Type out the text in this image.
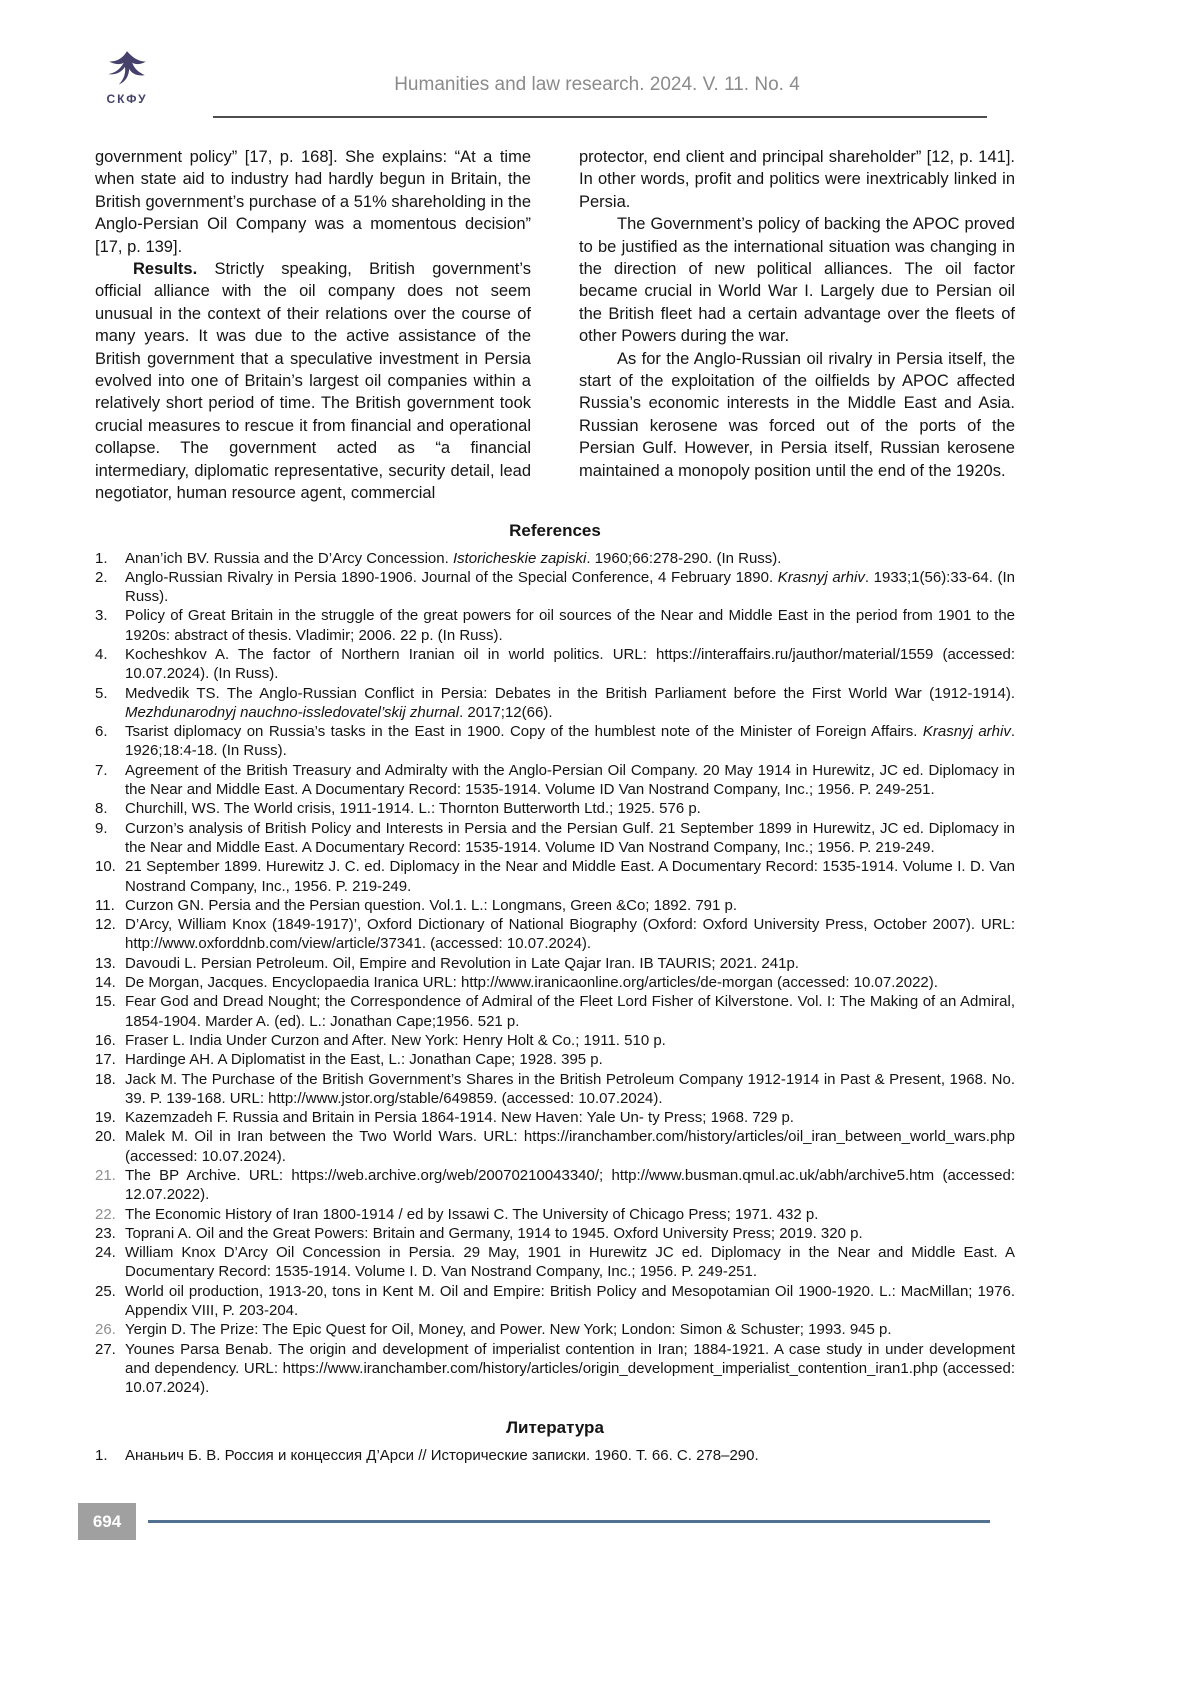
СКФУ
Humanities and law research. 2024. V. 11. No. 4

government policy” [17, p. 168]. She explains: “At a time when state aid to industry had hardly begun in Britain, the British government’s purchase of a 51% shareholding in the Anglo-Persian Oil Company was a momentous decision” [17, p. 139].

Results. Strictly speaking, British government’s official alliance with the oil company does not seem unusual in the context of their relations over the course of many years. It was due to the active assistance of the British government that a speculative investment in Persia evolved into one of Britain’s largest oil companies within a relatively short period of time. The British government took crucial measures to rescue it from financial and operational collapse. The government acted as “a financial intermediary, diplomatic representative, security detail, lead negotiator, human resource agent, commercial

protector, end client and principal shareholder” [12, p. 141]. In other words, profit and politics were inextricably linked in Persia.

The Government’s policy of backing the APOC proved to be justified as the international situation was changing in the direction of new political alliances. The oil factor became crucial in World War I. Largely due to Persian oil the British fleet had a certain advantage over the fleets of other Powers during the war.

As for the Anglo-Russian oil rivalry in Persia itself, the start of the exploitation of the oilfields by APOC affected Russia’s economic interests in the Middle East and Asia. Russian kerosene was forced out of the ports of the Persian Gulf. However, in Persia itself, Russian kerosene maintained a monopoly position until the end of the 1920s.

References
1.	Anan’ich BV. Russia and the D’Arcy Concession. Istoricheskie zapiski. 1960;66:278-290. (In Russ).
2.	Anglo-Russian Rivalry in Persia 1890-1906. Journal of the Special Conference, 4 February 1890. Krasnyj arhiv. 1933;1(56):33-64. (In Russ).
3.	Policy of Great Britain in the struggle of the great powers for oil sources of the Near and Middle East in the period from 1901 to the 1920s: abstract of thesis. Vladimir; 2006. 22 p. (In Russ).
4.	Kocheshkov A. The factor of Northern Iranian oil in world politics. URL: https://interaffairs.ru/jauthor/material/1559 (accessed: 10.07.2024). (In Russ).
5.	Medvedik TS. The Anglo-Russian Conflict in Persia: Debates in the British Parliament before the First World War (1912-1914). Mezhdunarodnyj nauchno-issledovatel’skij zhurnal. 2017;12(66).
6.	Tsarist diplomacy on Russia’s tasks in the East in 1900. Copy of the humblest note of the Minister of Foreign Affairs. Krasnyj arhiv. 1926;18:4-18. (In Russ).
7.	Agreement of the British Treasury and Admiralty with the Anglo-Persian Oil Company. 20 May 1914 in Hurewitz, JC ed. Diplomacy in the Near and Middle East. A Documentary Record: 1535-1914. Volume ID Van Nostrand Company, Inc.; 1956. P. 249-251.
8.	Churchill, WS. The World crisis, 1911-1914. L.: Thornton Butterworth Ltd.; 1925. 576 p.
9.	Curzon’s analysis of British Policy and Interests in Persia and the Persian Gulf. 21 September 1899 in Hurewitz, JC ed. Diplomacy in the Near and Middle East. A Documentary Record: 1535-1914. Volume ID Van Nostrand Company, Inc.; 1956. P. 219-249.
10. 21 September 1899. Hurewitz J. C. ed. Diplomacy in the Near and Middle East. A Documentary Record: 1535-1914. Volume I. D. Van Nostrand Company, Inc., 1956. P. 219-249.
11. Curzon GN. Persia and the Persian question. Vol.1. L.: Longmans, Green &Co; 1892. 791 p.
12. D’Arcy, William Knox (1849-1917)’, Oxford Dictionary of National Biography (Oxford: Oxford University Press, October 2007). URL: http://www.oxforddnb.com/view/article/37341. (accessed: 10.07.2024).
13. Davoudi L. Persian Petroleum. Oil, Empire and Revolution in Late Qajar Iran. IB TAURIS; 2021. 241p.
14. De Morgan, Jacques. Encyclopaedia Iranica URL: http://www.iranicaonline.org/articles/de-morgan (accessed: 10.07.2022).
15. Fear God and Dread Nought; the Correspondence of Admiral of the Fleet Lord Fisher of Kilverstone. Vol. I: The Making of an Admiral, 1854-1904. Marder A. (ed). L.: Jonathan Cape;1956. 521 p.
16. Fraser L. India Under Curzon and After. New York: Henry Holt & Co.; 1911. 510 p.
17. Hardinge AH. A Diplomatist in the East, L.: Jonathan Cape; 1928. 395 p.
18. Jack M. The Purchase of the British Government’s Shares in the British Petroleum Company 1912-1914 in Past & Present, 1968. No. 39. P. 139-168. URL: http://www.jstor.org/stable/649859. (accessed: 10.07.2024).
19. Kazemzadeh F. Russia and Britain in Persia 1864-1914. New Haven: Yale Un- ty Press; 1968. 729 p.
20. Malek M. Oil in Iran between the Two World Wars. URL: https://iranchamber.com/history/articles/oil_iran_between_world_wars.php (accessed: 10.07.2024).
21. The BP Archive. URL: https://web.archive.org/web/20070210043340/; http://www.busman.qmul.ac.uk/abh/archive5.htm (accessed: 12.07.2022).
22. The Economic History of Iran 1800-1914 / ed by Issawi C. The University of Chicago Press; 1971. 432 p.
23. Toprani A. Oil and the Great Powers: Britain and Germany, 1914 to 1945. Oxford University Press; 2019. 320 p.
24. William Knox D’Arcy Oil Concession in Persia. 29 May, 1901 in Hurewitz JC ed. Diplomacy in the Near and Middle East. A Documentary Record: 1535-1914. Volume I. D. Van Nostrand Company, Inc.; 1956. P. 249-251.
25. World oil production, 1913-20, tons in Kent M. Oil and Empire: British Policy and Mesopotamian Oil 1900-1920. L.: MacMillan; 1976. Appendix VIII, P. 203-204.
26. Yergin D. The Prize: The Epic Quest for Oil, Money, and Power. New York; London: Simon & Schuster; 1993. 945 p.
27. Younes Parsa Benab. The origin and development of imperialist contention in Iran; 1884-1921. A case study in under development and dependency. URL: https://www.iranchamber.com/history/articles/origin_development_imperialist_contention_iran1.php (accessed: 10.07.2024).
Литература
1.	Ананьич Б. В. Россия и концессия Д’Арси // Исторические записки. 1960. Т. 66. С. 278–290.
694
